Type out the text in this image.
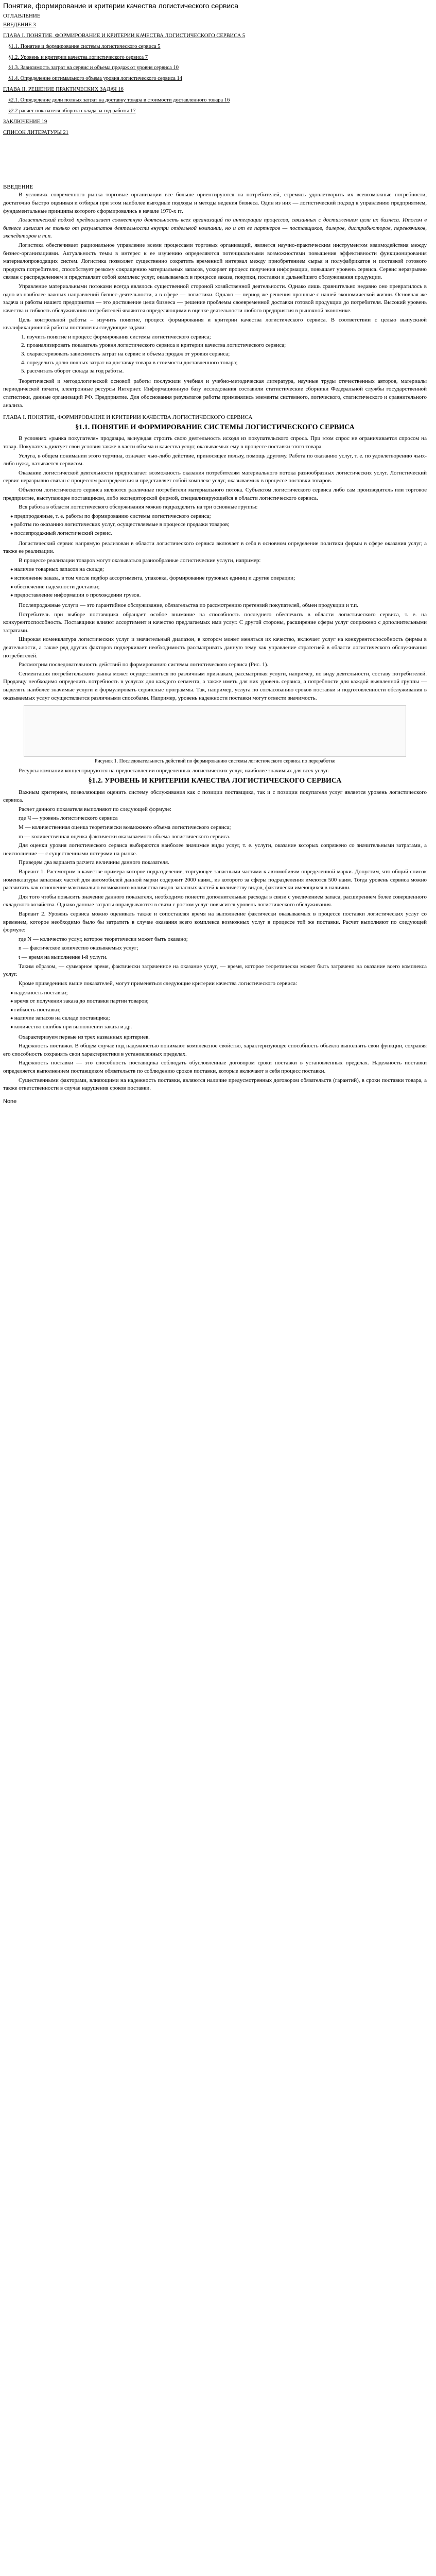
Понятие, формирование и критерии качества логистического сервиса
ОГЛАВЛЕНИЕ
ВВЕДЕНИЕ 3
ГЛАВА I. ПОНЯТИЕ, ФОРМИРОВАНИЕ И КРИТЕРИИ КАЧЕСТВА ЛОГИСТИЧЕСКОГО СЕРВИСА 5
§1.1. Понятие и формирование системы логистического сервиса 5
§1.2. Уровень и критерии качества логистического сервиса 7
§1.3. Зависимость затрат на сервис и объема продаж от уровня сервиса 10
§1.4. Определение оптимального объема уровня логистического сервиса 14
ГЛАВА II. РЕШЕНИЕ ПРАКТИЧЕСКИХ ЗАДАЧ 16
§2.1. Определение доли полных затрат на доставку товара в стоимости доставленного товара 16
§2.2 расчет показателя оборота склада за год работы 17
ЗАКЛЮЧЕНИЕ 19
СПИСОК ЛИТЕРАТУРЫ 21
ВВЕДЕНИЕ

В условиях современного рынка торговые организации все больше ориентируются на потребителей, стремясь удовлетворить их всевозможные потребности, достаточно быстро оценивая и отбирая при этом наиболее выгодные подходы и методы ведения бизнеса. Один из них — логистический подход к управлению предприятием, фундаментальные принципы которого сформировались в начале 1970-х гг.

Логистический подход предполагает совместную деятельность всех организаций по интеграции процессов, связанных с достижением цели их бизнеса. Итогом в бизнесе зависит не только от результатов деятельности внутри отдельной компании, но и от ее партнеров — поставщиков, дилеров, дистрибьюторов, перевозчиков, экспедиторов и т.п.

Логистика обеспечивает рациональное управление всеми процессами торговых организаций, является научно-практическим инструментом взаимодействия между бизнес-организациями. Актуальность темы в интерес к ее изучению определяются потенциальными возможностями повышения эффективности функционирования материалопроводящих систем. Логистика позволяет существенно сократить временной интервал между приобретением сырья и полуфабрикатов и поставкой готового продукта потребителю, способствует резкому сокращению материальных запасов, ускоряет процесс получения информации, повышает уровень сервиса. Сервис неразрывно связан с распределением и представляет собой комплекс услуг, оказываемых в процессе заказа, покупки, поставки и дальнейшего обслуживания продукции.

Управление материальными потоками всегда являлось существенной стороной хозяйственной деятельности. Однако лишь сравнительно недавно оно превратилось в одно из наиболее важных направлений бизнес-деятельности, а в сфере — логистики. Однако — период же решения прошлые с нашей экономической жизни. Основная же задача и работы нашего предприятия — это достижение цели бизнеса — решение проблемы своевременной доставки готовой продукции до потребителя. Высокий уровень качества и гибкость обслуживания потребителей являются определяющими в оценке деятельности любого предприятия в рыночной экономике.

Цель контрольной работы – изучить понятие, процесс формирования и критерии качества логистического сервиса. В соответствии с целью выпускной квалификационной работы поставлены следующие задачи:

1. изучить понятие и процесс формирования системы логистического сервиса;
2. проанализировать показатель уровня логистического сервиса и критерии качества логистического сервиса;
3. охарактеризовать зависимость затрат на сервис и объема продаж от уровня сервиса;
4. определить долю полных затрат на доставку товара в стоимости доставленного товара;
5. рассчитать оборот склада за год работы.

Теоретической и методологической основой работы послужили учебная и учебно-методическая литература, научные труды отечественных авторов, материалы периодической печати, электронные ресурсы Интернет. Информационную базу исследования составили статистические сборники Федеральной службы государственной статистики, данные организаций РФ. Предприятие. Для обоснования результатов работы применялись элементы системного, логического, статистического и сравнительного анализа.

ГЛАВА I. ПОНЯТИЕ, ФОРМИРОВАНИЕ И КРИТЕРИИ КАЧЕСТВА ЛОГИСТИЧЕСКОГО СЕРВИСА
§1.1. ПОНЯТИЕ И ФОРМИРОВАНИЕ СИСТЕМЫ ЛОГИСТИЧЕСКОГО СЕРВИСА

В условиях «рынка покупателя» продавцы, вынуждая строить свою деятельность исходя из покупательского спроса. При этом спрос не ограничивается спросом на товар. Покупатель диктует свои условия также в части объема и качества услуг, оказываемых ему в процессе поставки этого товара.

Услуга, в общем понимании этого термина, означает чью-либо действие, приносящее пользу, помощь другому. Работа по оказанию услуг, т. е. по удовлетворению чьих-либо нужд, называется сервисом.

Оказание логистической деятельности предполагает возможность оказания потребителям материального потока разнообразных логистических услуг. Логистический сервис неразрывно связан с процессом распределения и представляет собой комплекс услуг, оказываемых в процессе поставки товаров.

Объектом логистического сервиса являются различные потребители материального потока. Субъектом логистического сервиса либо сам производитель или торговое предприятие, выступающее поставщиком, либо экспедиторской фирмой, специализирующейся в области логистического сервиса.

Вся работа в области логистического обслуживания можно подразделить на три основные группы:

● предпродажные, т. е. работы по формированию системы логистического сервиса;
● работы по оказанию логистических услуг, осуществляемые в процессе продажи товаров;
● послепродажный логистический сервис.

Логистический сервис напрямую реализован в области логистического сервиса включает в себя в основном определение политики фирмы в сфере оказания услуг, а также ее реализации.

В процессе реализации товаров могут оказываться разнообразные логистические услуги, например:

● наличие товарных запасов на складе;
● исполнение заказа, в том числе подбор ассортимента, упаковка, формирование грузовых единиц и другие операции;
● обеспечение надежности доставки;
● предоставление информации о прохождении грузов.

Послепродажные услуги — это гарантийное обслуживание, обязательства по рассмотрению претензий покупателей, обмен продукции и т.п.

Потребитель при выборе поставщика обращает особое внимание на способность последнего обеспечить в области логистического сервиса, т. е. на конкурентоспособность. Поставщики влияют ассортимент и качество предлагаемых ими услуг. С другой стороны, расширение сферы услуг сопряжено с дополнительными затратами.

Широкая номенклатура логистических услуг и значительный диапазон, в котором может меняться их качество, включает услуг на конкурентоспособность фирмы в деятельности, а также ряд других факторов подчеркивает необходимость рассматривать данную тему как управление стратегией в области логистического обслуживания потребителей.

Рассмотрим последовательность действий по формированию системы логистического сервиса (Рис. 1).

Сегментация потребительского рынка может осуществляться по различным признакам, рассматривая услуги, например, по виду деятельности, составу потребителей. Продавцу необходимо определить потребность в услугах для каждого сегмента, а также иметь для них уровень сервиса, а потребности для каждой выявленной группы — выделять наиболее значимые услуги и формулировать сервисные программы. Так, например, услуга по согласованию сроков поставки и подготовленности обслуживания в оказываемых услуг осуществляется различными способами. Например, уровень надежности поставки могут отвести значимость.

Рисунок 1. Последовательность действий по формированию системы логистического сервиса по переработке

Ресурсы компании концентрируются на предоставлении определенных логистических услуг, наиболее значимых для всех услуг.

§1.2. УРОВЕНЬ И КРИТЕРИИ КАЧЕСТВА ЛОГИСТИЧЕСКОГО СЕРВИСА

Важным критерием, позволяющим оценить систему обслуживания как с позиции поставщика, так и с позиции покупателя услуг является уровень логистического сервиса.

Расчет данного показателя выполняют по следующей формуле:

где Ч — уровень логистического сервиса

М — количественная оценка теоретически возможного объема логистического сервиса;

m — количественная оценка фактически оказываемого объема логистического сервиса.

Для оценки уровня логистического сервиса выбираются наиболее значимые виды услуг, т. е. услуги, оказание которых сопряжено со значительными затратами, а неисполнение — с существенными потерями на рынке.

Приведем два варианта расчета величины данного показателя.

Вариант 1. Рассмотрим в качестве примера которое подразделение, торгующее запасными частями к автомобилям определенной марки. Допустим, что общий список номенклатуры запасных частей для автомобилей данной марки содержит 2000 наим., из которого за сферы подразделения имеются 500 наим. Тогда уровень сервиса можно рассчитать как отношение максимально возможного количества видов запасных частей к количеству видов, фактически имеющихся в наличии.

Для того чтобы повысить значение данного показателя, необходимо понести дополнительные расходы в связи с увеличением запаса, расширением более совершенного складского хозяйства. Однако данные затраты оправдываются в связи с ростом услуг повысится уровень логистического обслуживания.

Вариант 2. Уровень сервиса можно оценивать также и сопоставляя время на выполнение фактически оказываемых в процессе поставки логистических услуг со временем, которое необходимо было бы затратить в случае оказания всего комплекса возможных услуг в процессе той же поставки. Расчет выполняют по следующей формуле:

где N — количество услуг, которое теоретически может быть оказано;

n — фактическое количество оказываемых услуг;

t — время на выполнение i-й услуги.

Таким образом, — суммарное время, фактически затраченное на оказание услуг, — время, которое теоретически может быть затрачено на оказание всего комплекса услуг.

Кроме приведенных выше показателей, могут применяться следующие критерии качества логистического сервиса:

● надежность поставки;
● время от получения заказа до поставки партии товаров;
● гибкость поставки;
● наличие запасов на складе поставщика;
● количество ошибок при выполнении заказа и др.

Охарактеризуем первые из трех названных критериев.

Надежность поставки. В общем случае под надежностью понимают комплексное свойство, характеризующее способность объекта выполнять свои функции, сохраняя его способность сохранять свои характеристики в установленных пределах.

Надежность поставки — это способность поставщика соблюдать обусловленные договором сроки поставки в установленных пределах. Надежность поставки определяется выполнением поставщиком обязательств по соблюдению сроков поставки, которые включают в себя процесс поставки.

Существенными факторами, влияющими на надежность поставки, являются наличие предусмотренных договором обязательств (гарантий), в сроки поставки товара, а также ответственности в случае нарушения сроков поставки.

None
